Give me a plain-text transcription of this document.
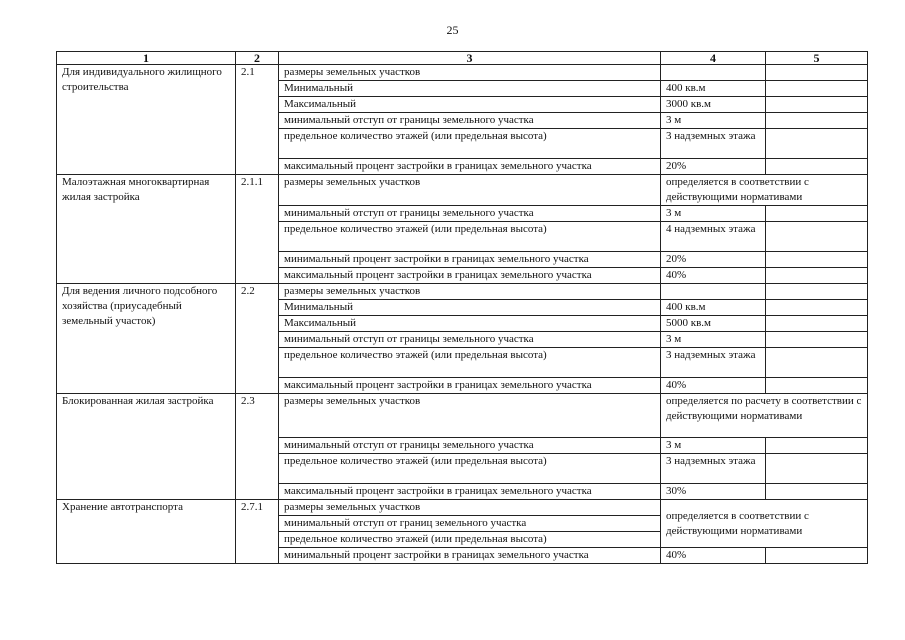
25
1	2	3	4	5
Для индивидуального жилищного строительства	2.1	размеры земельных участков		
		Минимальный	400 кв.м	
		Максимальный	3000 кв.м	
		минимальный отступ от границы земельного участка	3 м	
		предельное количество этажей (или предельная высота)	3 надземных этажа	
		максимальный процент застройки в границах земельного участка	20%	
Малоэтажная многоквартирная жилая застройка	2.1.1	размеры земельных участков	определяется в соответствии с действующими нормативами	
		минимальный отступ от границы земельного участка	3 м	
		предельное количество этажей (или предельная высота)	4 надземных этажа	
		минимальный процент застройки в границах земельного участка	20%	
		максимальный процент застройки в границах земельного участка	40%	
Для ведения личного подсобного хозяйства (приусадебный земельный участок)	2.2	размеры земельных участков		
		Минимальный	400 кв.м	
		Максимальный	5000 кв.м	
		минимальный отступ от границы земельного участка	3 м	
		предельное количество этажей (или предельная высота)	3 надземных этажа	
		максимальный процент застройки в границах земельного участка	40%	
Блокированная жилая застройка	2.3	размеры земельных участков	определяется по расчету в соответствии с действующими нормативами	
		минимальный отступ от границы земельного участка	3 м	
		предельное количество этажей (или предельная высота)	3 надземных этажа	
		максимальный процент застройки в границах земельного участка	30%	
Хранение автотранспорта	2.7.1	размеры земельных участков	определяется в соответствии с действующими нормативами	
		минимальный отступ от границ земельного участка		
		предельное количество этажей (или предельная высота)		
		минимальный процент застройки в границах земельного участка	40%	
